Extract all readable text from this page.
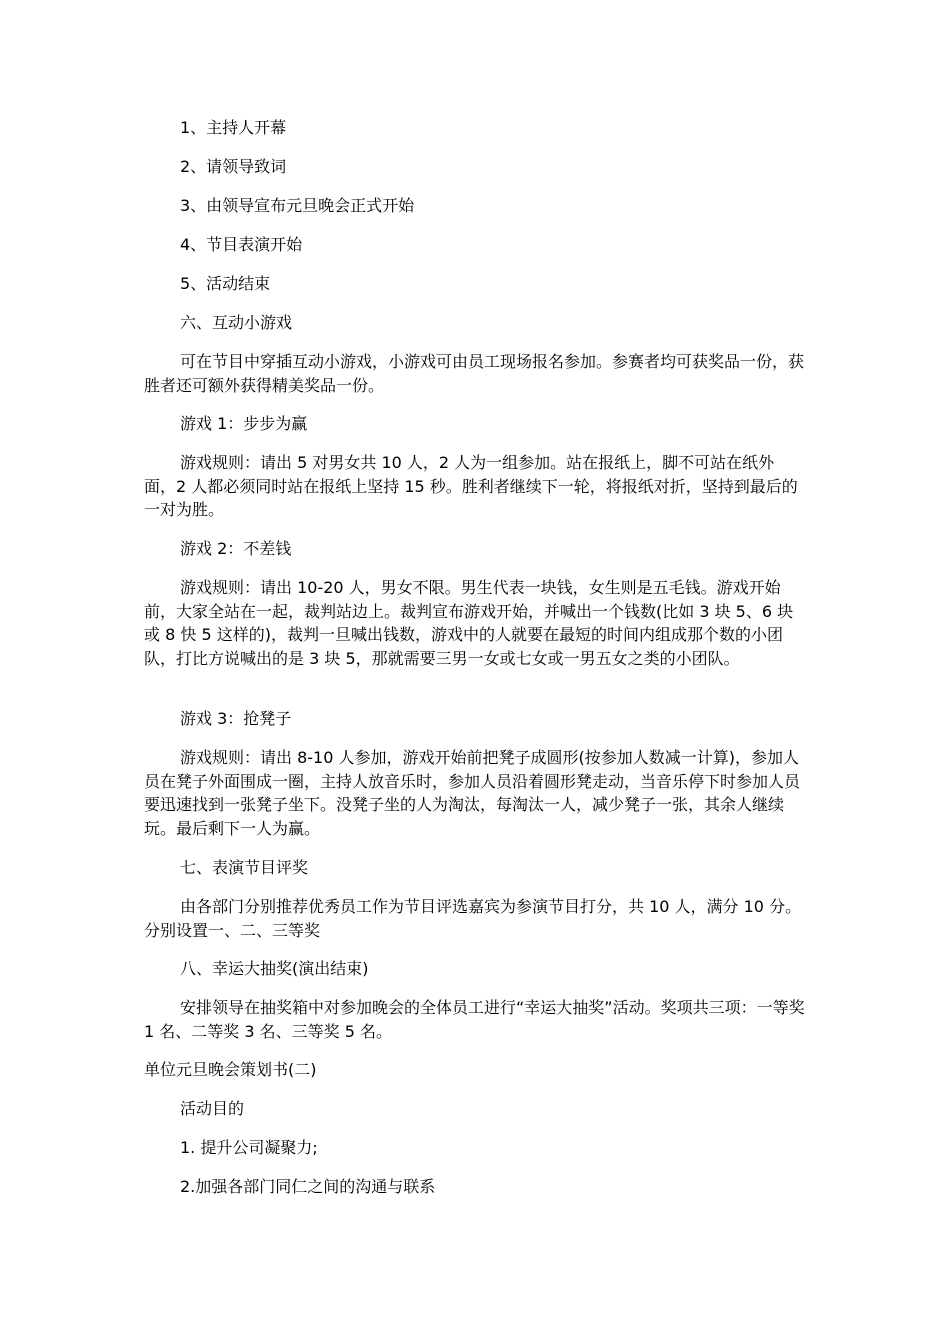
1、主持人开幕

2、请领导致词

3、由领导宣布元旦晚会正式开始

4、节目表演开始

5、活动结束

六、互动小游戏

可在节目中穿插互动小游戏，小游戏可由员工现场报名参加。参赛者均可获奖品一份，获胜者还可额外获得精美奖品一份。

游戏 1：步步为赢

游戏规则：请出 5 对男女共 10 人，2 人为一组参加。站在报纸上，脚不可站在纸外面，2 人都必须同时站在报纸上坚持 15 秒。胜利者继续下一轮，将报纸对折，坚持到最后的一对为胜。

游戏 2：不差钱

游戏规则：请出 10-20 人，男女不限。男生代表一块钱，女生则是五毛钱。游戏开始前，大家全站在一起，裁判站边上。裁判宣布游戏开始，并喊出一个钱数(比如 3 块 5、6 块或 8 快 5 这样的)，裁判一旦喊出钱数，游戏中的人就要在最短的时间内组成那个数的小团队，打比方说喊出的是 3 块 5，那就需要三男一女或七女或一男五女之类的小团队。

游戏 3：抢凳子

游戏规则：请出 8-10 人参加，游戏开始前把凳子成圆形(按参加人数减一计算)，参加人员在凳子外面围成一圈，主持人放音乐时，参加人员沿着圆形凳走动，当音乐停下时参加人员要迅速找到一张凳子坐下。没凳子坐的人为淘汰，每淘汰一人，减少凳子一张，其余人继续玩。最后剩下一人为赢。

七、表演节目评奖

由各部门分别推荐优秀员工作为节目评选嘉宾为参演节目打分，共 10 人，满分 10 分。分别设置一、二、三等奖

八、幸运大抽奖(演出结束)

安排领导在抽奖箱中对参加晚会的全体员工进行“幸运大抽奖”活动。奖项共三项：一等奖 1 名、二等奖 3 名、三等奖 5 名。

单位元旦晚会策划书(二)

活动目的

1. 提升公司凝聚力;

2.加强各部门同仁之间的沟通与联系
